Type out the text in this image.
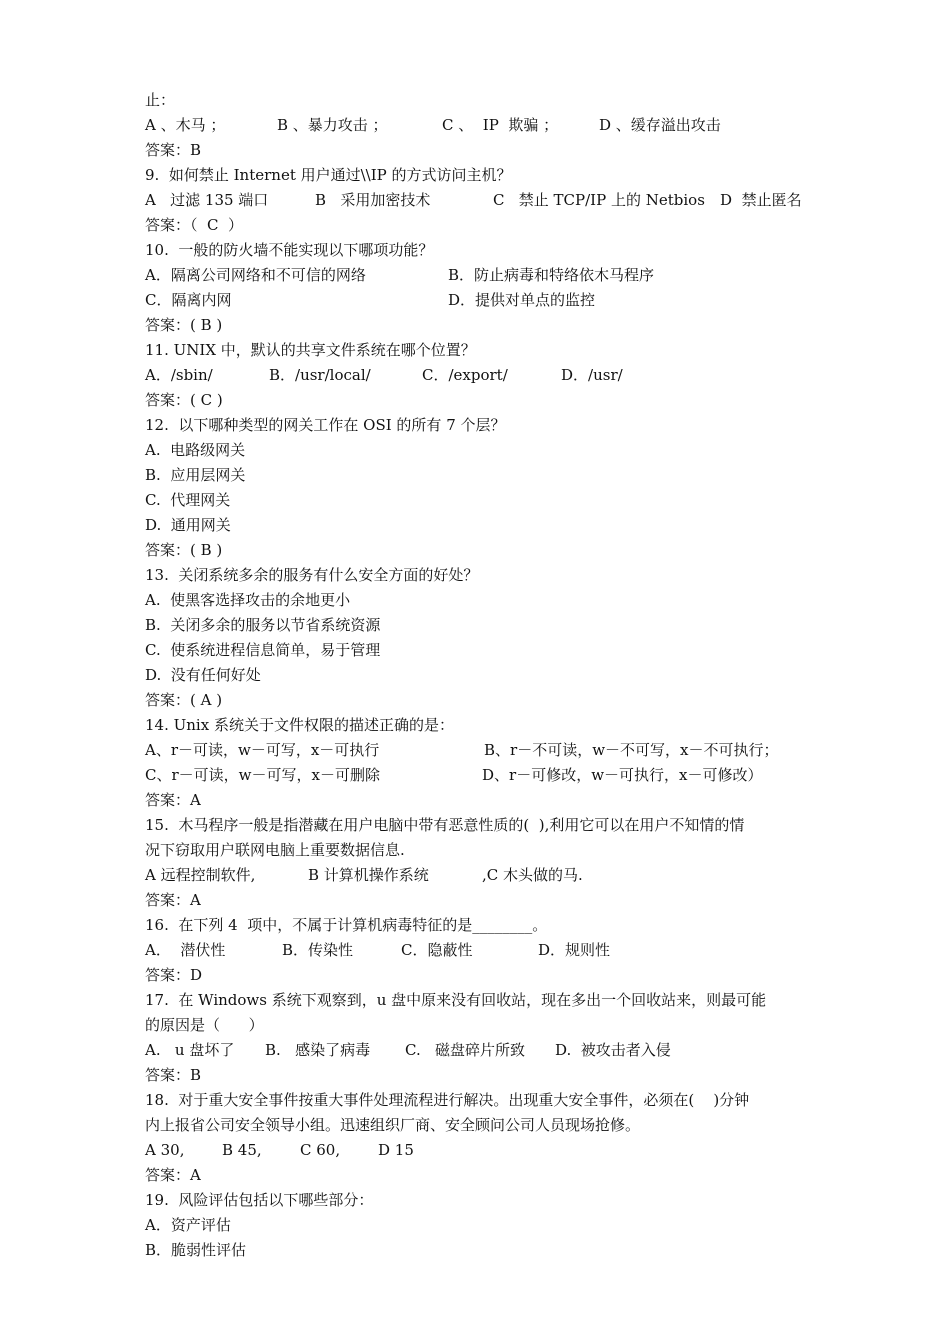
止：
A 、木马 ；	B 、暴力攻击 ；	C 、  IP  欺骗 ；	D 、缓存溢出攻击
答案：B
9.  如何禁止 Internet 用户通过\\IP 的方式访问主机？
A   过滤 135 端口	B   采用加密技术	C   禁止 TCP/IP 上的 Netbios D  禁止匿名
答案：（  C  ）
10.  一般的防火墙不能实现以下哪项功能？
A．隔离公司网络和不可信的网络	B．防止病毒和特络依木马程序
C．隔离内网	D．提供对单点的监控
答案：( B )
11. UNIX 中，默认的共享文件系统在哪个位置？
A．/sbin/	B．/usr/local/	C．/export/	D．/usr/
答案：( C )
12.  以下哪种类型的网关工作在 OSI 的所有 7 个层？
A.  电路级网关
B.  应用层网关
C.  代理网关
D.  通用网关
答案：( B )
13.  关闭系统多余的服务有什么安全方面的好处？
A.  使黑客选择攻击的余地更小
B.  关闭多余的服务以节省系统资源
C.  使系统进程信息简单，易于管理
D.  没有任何好处
答案：( A )
14. Unix 系统关于文件权限的描述正确的是：
A、r－可读，w－可写，x－可执行	B、r－不可读，w－不可写，x－不可执行；
C、r－可读，w－可写，x－可删除	D、r－可修改，w－可执行，x－可修改）
答案：A
15.  木马程序一般是指潜藏在用户电脑中带有恶意性质的(  ),利用它可以在用户不知情的情
况下窃取用户联网电脑上重要数据信息.
A 远程控制软件,	B 计算机操作系统	,C 木头做的马.
答案：A
16.  在下列 4  项中，不属于计算机病毒特征的是________。
A．  潜伏性	B．传染性	C．隐蔽性	D．规则性
答案：D
17.  在 Windows 系统下观察到，u 盘中原来没有回收站，现在多出一个回收站来，则最可能
的原因是（      ）
A.   u 盘坏了 B.   感染了病毒 C.   磁盘碎片所致 D.  被攻击者入侵
答案：B
18.  对于重大安全事件按重大事件处理流程进行解决。出现重大安全事件，必须在(    )分钟
内上报省公司安全领导小组。迅速组织厂商、安全顾问公司人员现场抢修。
A 30,	B 45,	C 60,	D 15
答案：A
19.  风险评估包括以下哪些部分：
A．资产评估
B．脆弱性评估
